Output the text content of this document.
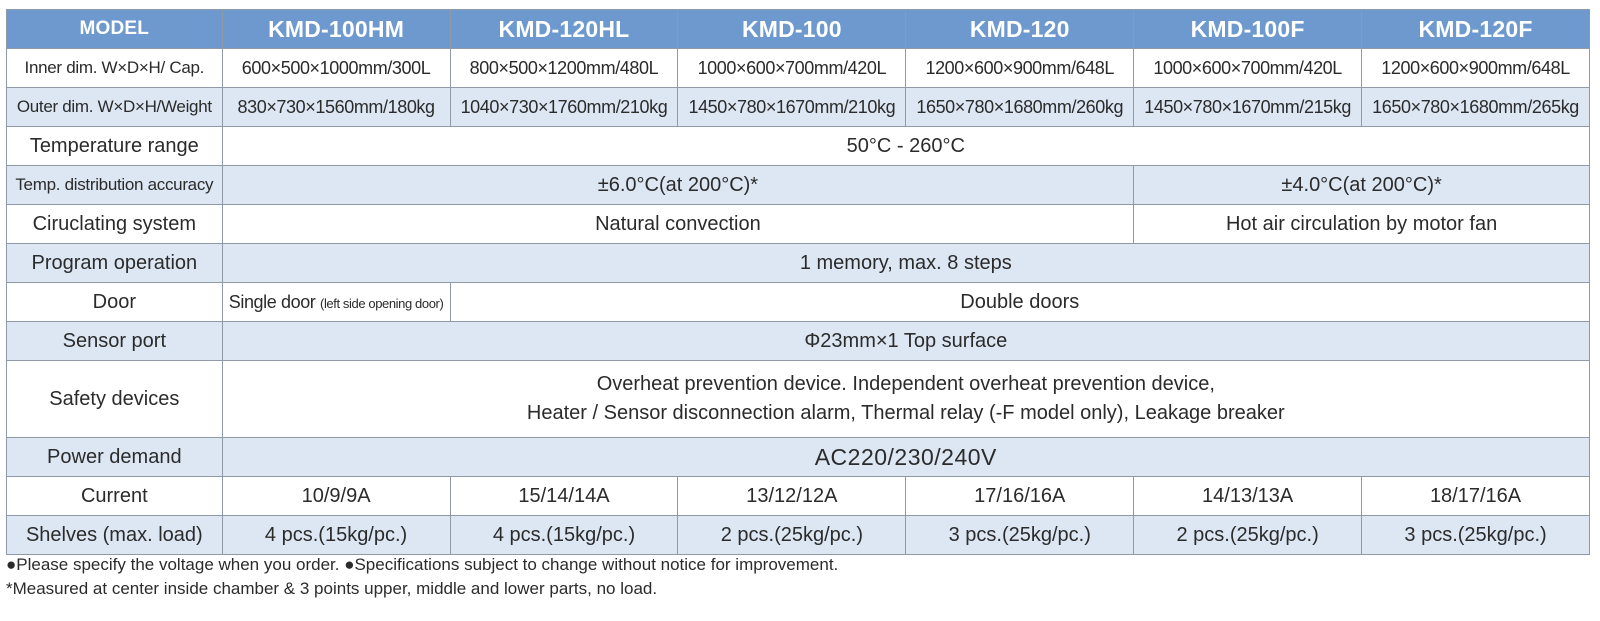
MODEL	KMD-100HM	KMD-120HL	KMD-100	KMD-120	KMD-100F	KMD-120F
Inner dim. W×D×H/ Cap.	600×500×1000mm/300L	800×500×1200mm/480L	1000×600×700mm/420L	1200×600×900mm/648L	1000×600×700mm/420L	1200×600×900mm/648L
Outer dim. W×D×H/Weight	830×730×1560mm/180kg	1040×730×1760mm/210kg	1450×780×1670mm/210kg	1650×780×1680mm/260kg	1450×780×1670mm/215kg	1650×780×1680mm/265kg
Temperature range	50°C - 260°C					
Temp. distribution accuracy	±6.0°C(at 200°C)*				±4.0°C(at 200°C)*	
Ciruclating system	Natural convection				Hot air circulation by motor fan	
Program operation	1 memory, max. 8 steps					
Door	Single door (left side opening door)	Double doors				
Sensor port	Φ23mm×1 Top surface					
Safety devices	Overheat prevention device. Independent overheat prevention device,
Heater / Sensor disconnection alarm, Thermal relay (-F model only), Leakage breaker					

Power demand	AC220/230/240V					
Current	10/9/9A	15/14/14A	13/12/12A	17/16/16A	14/13/13A	18/17/16A
Shelves (max. load)	4 pcs.(15kg/pc.)	4 pcs.(15kg/pc.)	2 pcs.(25kg/pc.)	3 pcs.(25kg/pc.)	2 pcs.(25kg/pc.)	3 pcs.(25kg/pc.)
●Please specify the voltage when you order. ●Specifications subject to change without notice for improvement.
*Measured at center inside chamber & 3 points upper, middle and lower parts, no load.
